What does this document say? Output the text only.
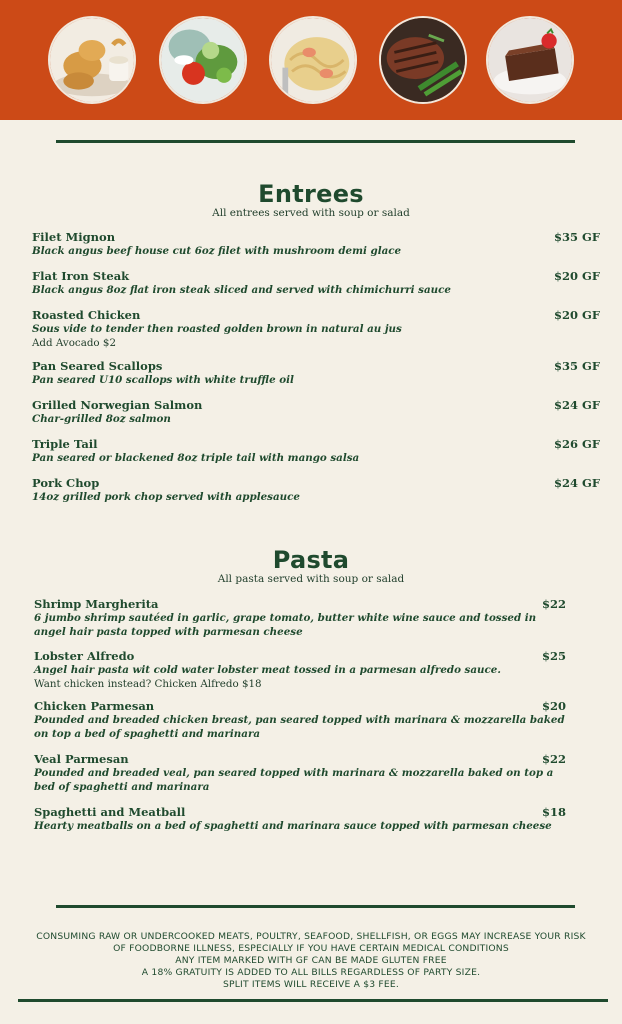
Entrees
All entrees served with soup or salad
Filet Mignon	$35 GF
Black angus beef house cut 6oz filet with mushroom demi glace
Flat Iron Steak	$20 GF
Black angus 8oz flat iron steak sliced and served with chimichurri sauce
Roasted Chicken	$20 GF
Sous vide to tender then roasted golden brown in natural au jus
Add Avocado $2
Pan Seared Scallops	$35 GF
Pan seared U10 scallops with white truffle oil
Grilled Norwegian Salmon	$24 GF
Char-grilled 8oz salmon
Triple Tail	$26 GF
Pan seared or blackened 8oz triple tail with mango salsa
Pork Chop	$24 GF
14oz grilled pork chop served with applesauce
Pasta
All pasta served with soup or salad
Shrimp Margherita	$22
6 jumbo shrimp sautéed in garlic, grape tomato, butter white wine sauce and tossed in angel hair pasta topped with parmesan cheese
Lobster Alfredo	$25
Angel hair pasta wit cold water lobster meat tossed in a parmesan alfredo sauce.
Want chicken instead? Chicken Alfredo $18
Chicken Parmesan	$20
Pounded and breaded chicken breast, pan seared topped with marinara & mozzarella baked on top a bed of spaghetti and marinara
Veal Parmesan	$22
Pounded and breaded veal, pan seared topped with marinara & mozzarella baked on top a bed of spaghetti and marinara
Spaghetti and Meatball	$18
Hearty meatballs on a bed of spaghetti and marinara sauce topped with parmesan cheese
CONSUMING RAW OR UNDERCOOKED MEATS, POULTRY, SEAFOOD, SHELLFISH, OR EGGS MAY INCREASE YOUR RISK
OF FOODBORNE ILLNESS, ESPECIALLY IF YOU HAVE CERTAIN MEDICAL CONDITIONS
ANY ITEM MARKED WITH GF CAN BE MADE GLUTEN FREE
A 18% GRATUITY IS ADDED TO ALL BILLS REGARDLESS OF PARTY SIZE.
SPLIT ITEMS WILL RECEIVE A $3 FEE.
